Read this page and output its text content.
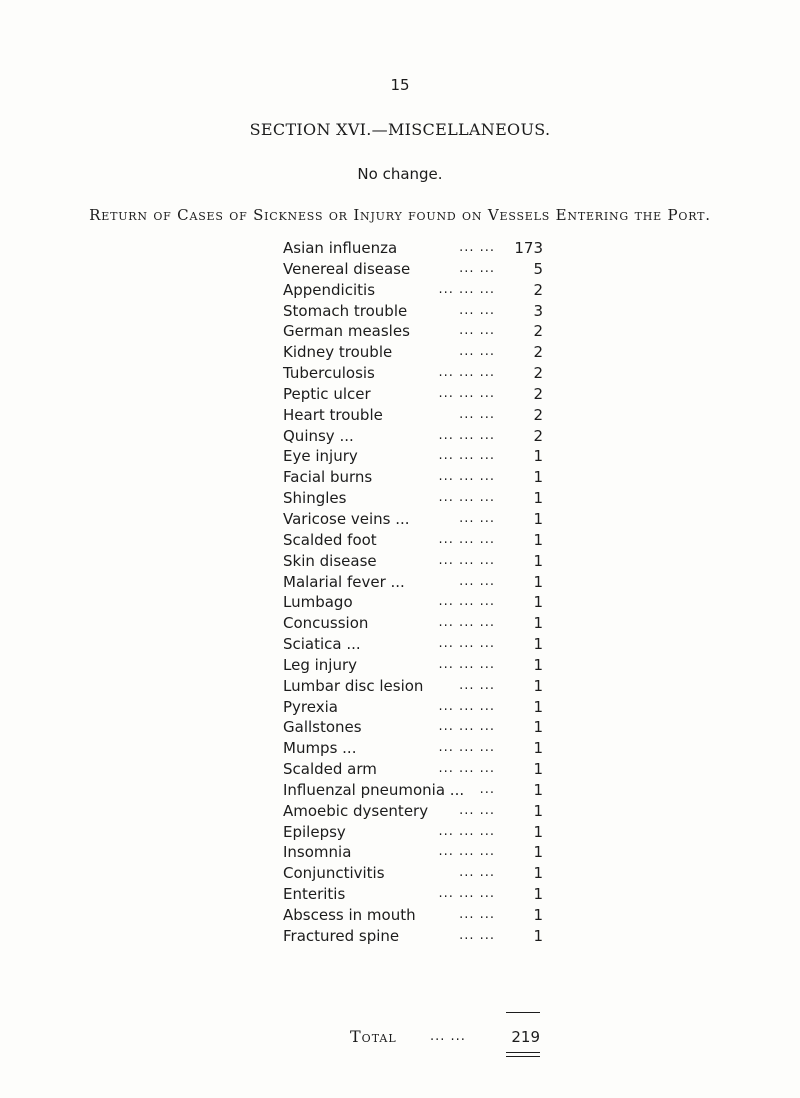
15
SECTION XVI.—MISCELLANEOUS.
No change.
Return of Cases of Sickness or Injury found on Vessels Entering the Port.
Asian influenza	... ...	173
Venereal disease	... ...	5
Appendicitis	... ... ...	2
Stomach trouble	... ...	3
German measles	... ...	2
Kidney trouble	... ...	2
Tuberculosis	... ... ...	2
Peptic ulcer	... ... ...	2
Heart trouble	... ...	2
Quinsy ...	... ... ...	2
Eye injury	... ... ...	1
Facial burns	... ... ...	1
Shingles	... ... ...	1
Varicose veins ...	... ...	1
Scalded foot	... ... ...	1
Skin disease	... ... ...	1
Malarial fever ...	... ...	1
Lumbago	... ... ...	1
Concussion	... ... ...	1
Sciatica ...	... ... ...	1
Leg injury	... ... ...	1
Lumbar disc lesion	... ...	1
Pyrexia	... ... ...	1
Gallstones	... ... ...	1
Mumps ...	... ... ...	1
Scalded arm	... ... ...	1
Influenzal pneumonia ... ...	1
Amoebic dysentery ... ...	1
Epilepsy	... ... ...	1
Insomnia	... ... ...	1
Conjunctivitis	... ...	1
Enteritis	... ... ...	1
Abscess in mouth	... ...	1
Fractured spine	... ...	1
Total	... ...	219
